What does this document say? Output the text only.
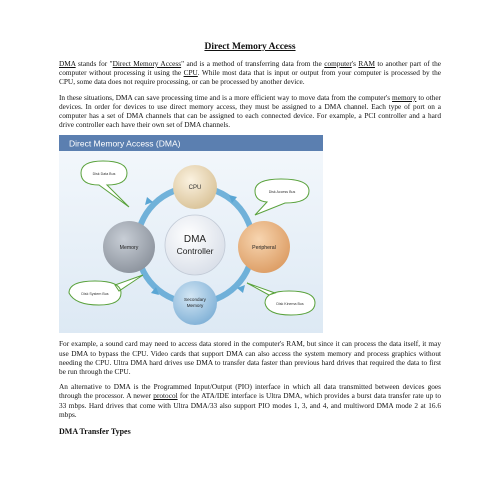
Direct Memory Access

DMA stands for "Direct Memory Access" and is a method of transferring data from the computer's RAM to another part of the computer without processing it using the CPU. While most data that is input or output from your computer is processed by the CPU, some data does not require processing, or can be processed by another device.

In these situations, DMA can save processing time and is a more efficient way to move data from the computer's memory to other devices. In order for devices to use direct memory access, they must be assigned to a DMA channel. Each type of port on a computer has a set of DMA channels that can be assigned to each connected device. For example, a PCI controller and a hard drive controller each have their own set of DMA channels.

Direct Memory Access (DMA)
Disk Data Bus
Disk Access Bus
Disk System Bus
Disk Kinema Bus
CPU
Memory	Peripheral
Secondary
Memory
DMA
Controller

For example, a sound card may need to access data stored in the computer's RAM, but since it can process the data itself, it may use DMA to bypass the CPU. Video cards that support DMA can also access the system memory and process graphics without needing the CPU. Ultra DMA hard drives use DMA to transfer data faster than previous hard drives that required the data to first be run through the CPU.

An alternative to DMA is the Programmed Input/Output (PIO) interface in which all data transmitted between devices goes through the processor. A newer protocol for the ATA/IDE interface is Ultra DMA, which provides a burst data transfer rate up to 33 mbps. Hard drives that come with Ultra DMA/33 also support PIO modes 1, 3, and 4, and multiword DMA mode 2 at 16.6 mbps.

DMA Transfer Types
